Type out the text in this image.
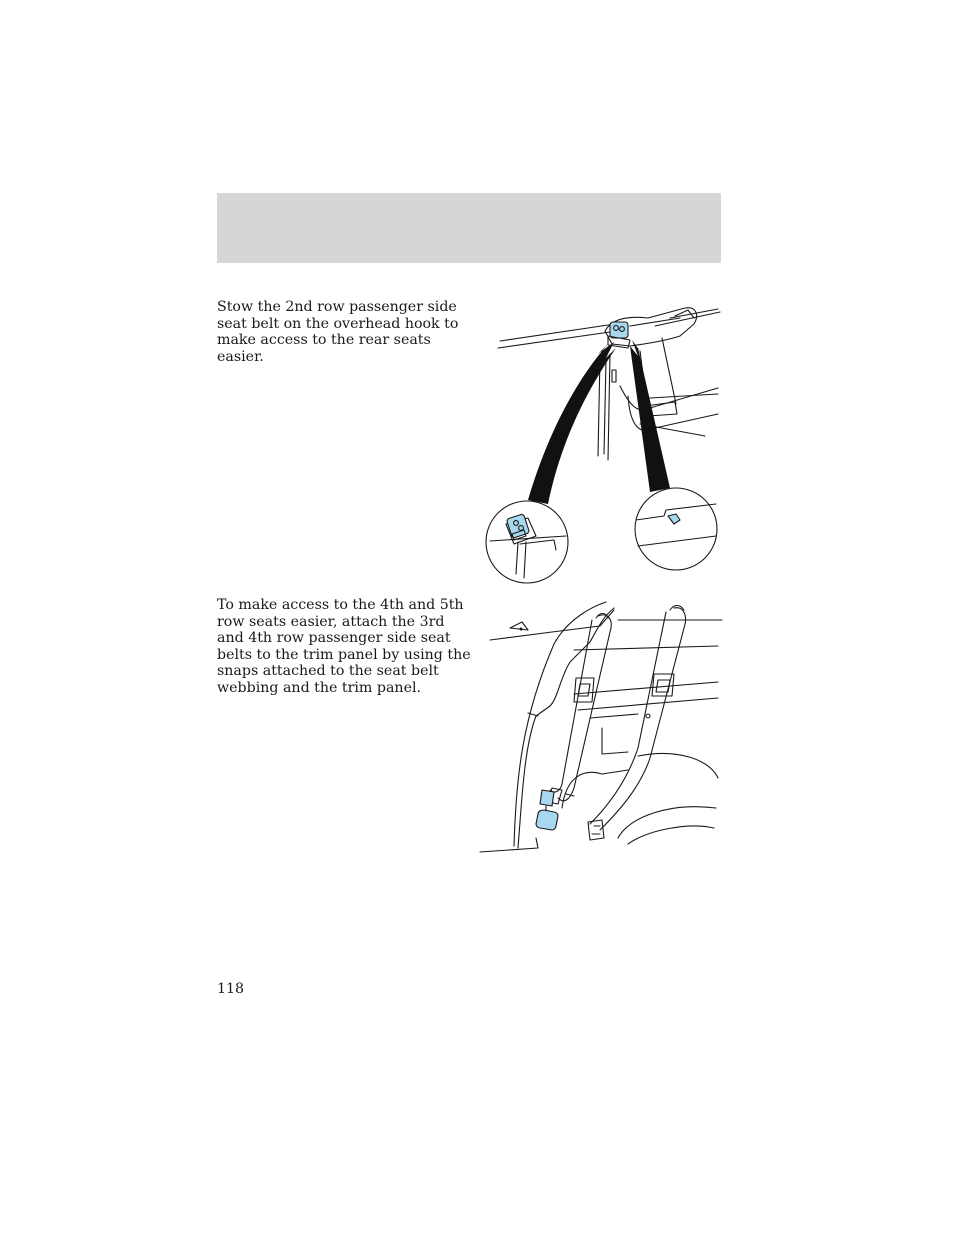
Stow the 2nd row passenger side seat belt on the overhead hook to make access to the rear seats easier.

To make access to the 4th and 5th row seats easier, attach the 3rd and 4th row passenger side seat belts to the trim panel by using the snaps attached to the seat belt webbing and the trim panel.

118
